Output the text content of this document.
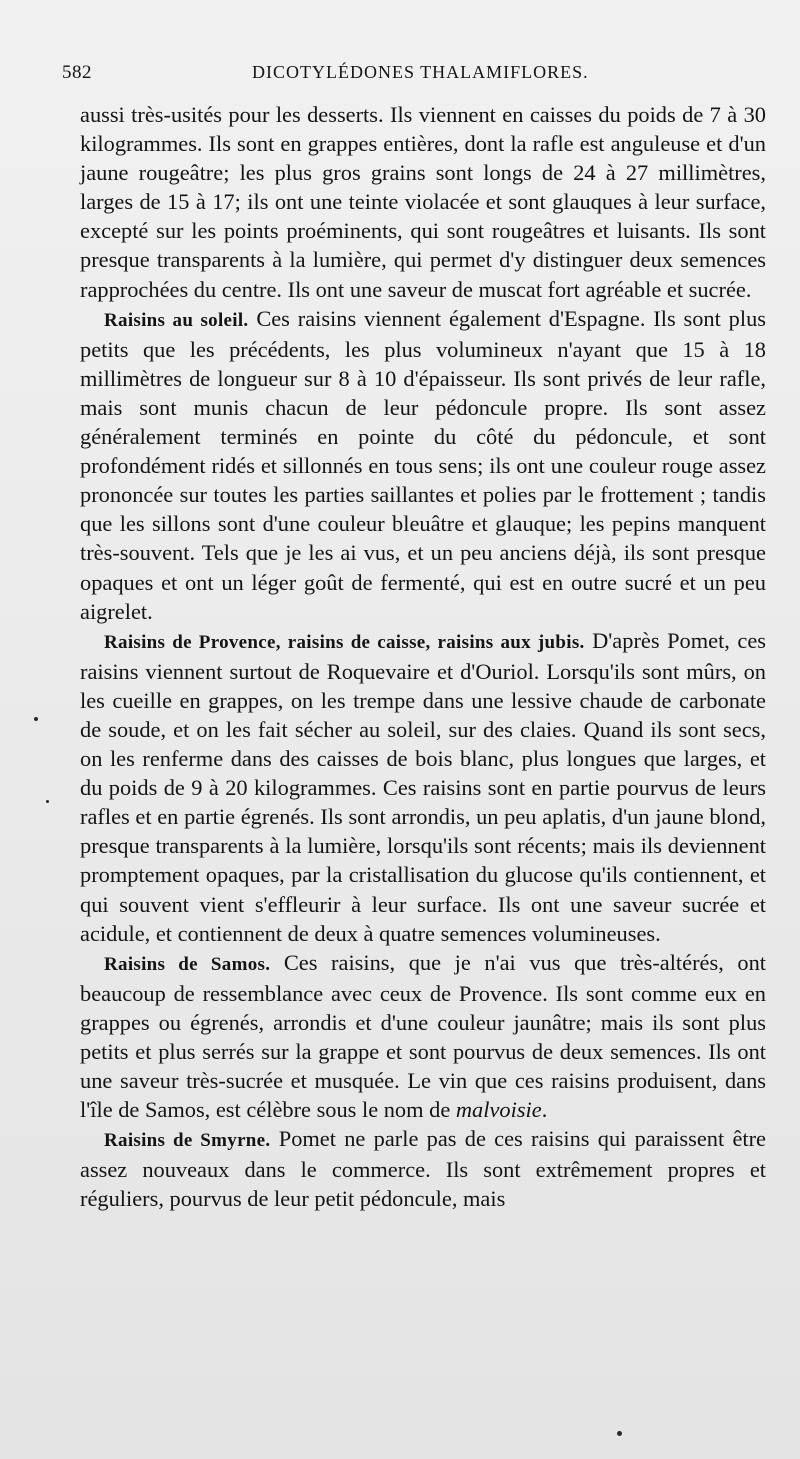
582	DICOTYLÉDONES THALAMIFLORES.

aussi très-usités pour les desserts. Ils viennent en caisses du poids de 7 à 30 kilogrammes. Ils sont en grappes entières, dont la rafle est anguleuse et d'un jaune rougeâtre; les plus gros grains sont longs de 24 à 27 millimètres, larges de 15 à 17; ils ont une teinte violacée et sont glauques à leur surface, excepté sur les points proéminents, qui sont rougeâtres et luisants. Ils sont presque transparents à la lumière, qui permet d'y distinguer deux semences rapprochées du centre. Ils ont une saveur de muscat fort agréable et sucrée.

Raisins au soleil. Ces raisins viennent également d'Espagne. Ils sont plus petits que les précédents, les plus volumineux n'ayant que 15 à 18 millimètres de longueur sur 8 à 10 d'épaisseur. Ils sont privés de leur rafle, mais sont munis chacun de leur pédoncule propre. Ils sont assez généralement terminés en pointe du côté du pédoncule, et sont profondément ridés et sillonnés en tous sens; ils ont une couleur rouge assez prononcée sur toutes les parties saillantes et polies par le frottement ; tandis que les sillons sont d'une couleur bleuâtre et glauque; les pepins manquent très-souvent. Tels que je les ai vus, et un peu anciens déjà, ils sont presque opaques et ont un léger goût de fermenté, qui est en outre sucré et un peu aigrelet.

Raisins de Provence, raisins de caisse, raisins aux jubis. D'après Pomet, ces raisins viennent surtout de Roquevaire et d'Ouriol. Lorsqu'ils sont mûrs, on les cueille en grappes, on les trempe dans une lessive chaude de carbonate de soude, et on les fait sécher au soleil, sur des claies. Quand ils sont secs, on les renferme dans des caisses de bois blanc, plus longues que larges, et du poids de 9 à 20 kilogrammes. Ces raisins sont en partie pourvus de leurs rafles et en partie égrenés. Ils sont arrondis, un peu aplatis, d'un jaune blond, presque transparents à la lumière, lorsqu'ils sont récents; mais ils deviennent promptement opaques, par la cristallisation du glucose qu'ils contiennent, et qui souvent vient s'effleurir à leur surface. Ils ont une saveur sucrée et acidule, et contiennent de deux à quatre semences volumineuses.

Raisins de Samos. Ces raisins, que je n'ai vus que très-altérés, ont beaucoup de ressemblance avec ceux de Provence. Ils sont comme eux en grappes ou égrenés, arrondis et d'une couleur jaunâtre; mais ils sont plus petits et plus serrés sur la grappe et sont pourvus de deux semences. Ils ont une saveur très-sucrée et musquée. Le vin que ces raisins produisent, dans l'île de Samos, est célèbre sous le nom de malvoisie.

Raisins de Smyrne. Pomet ne parle pas de ces raisins qui paraissent être assez nouveaux dans le commerce. Ils sont extrêmement propres et réguliers, pourvus de leur petit pédoncule, mais
